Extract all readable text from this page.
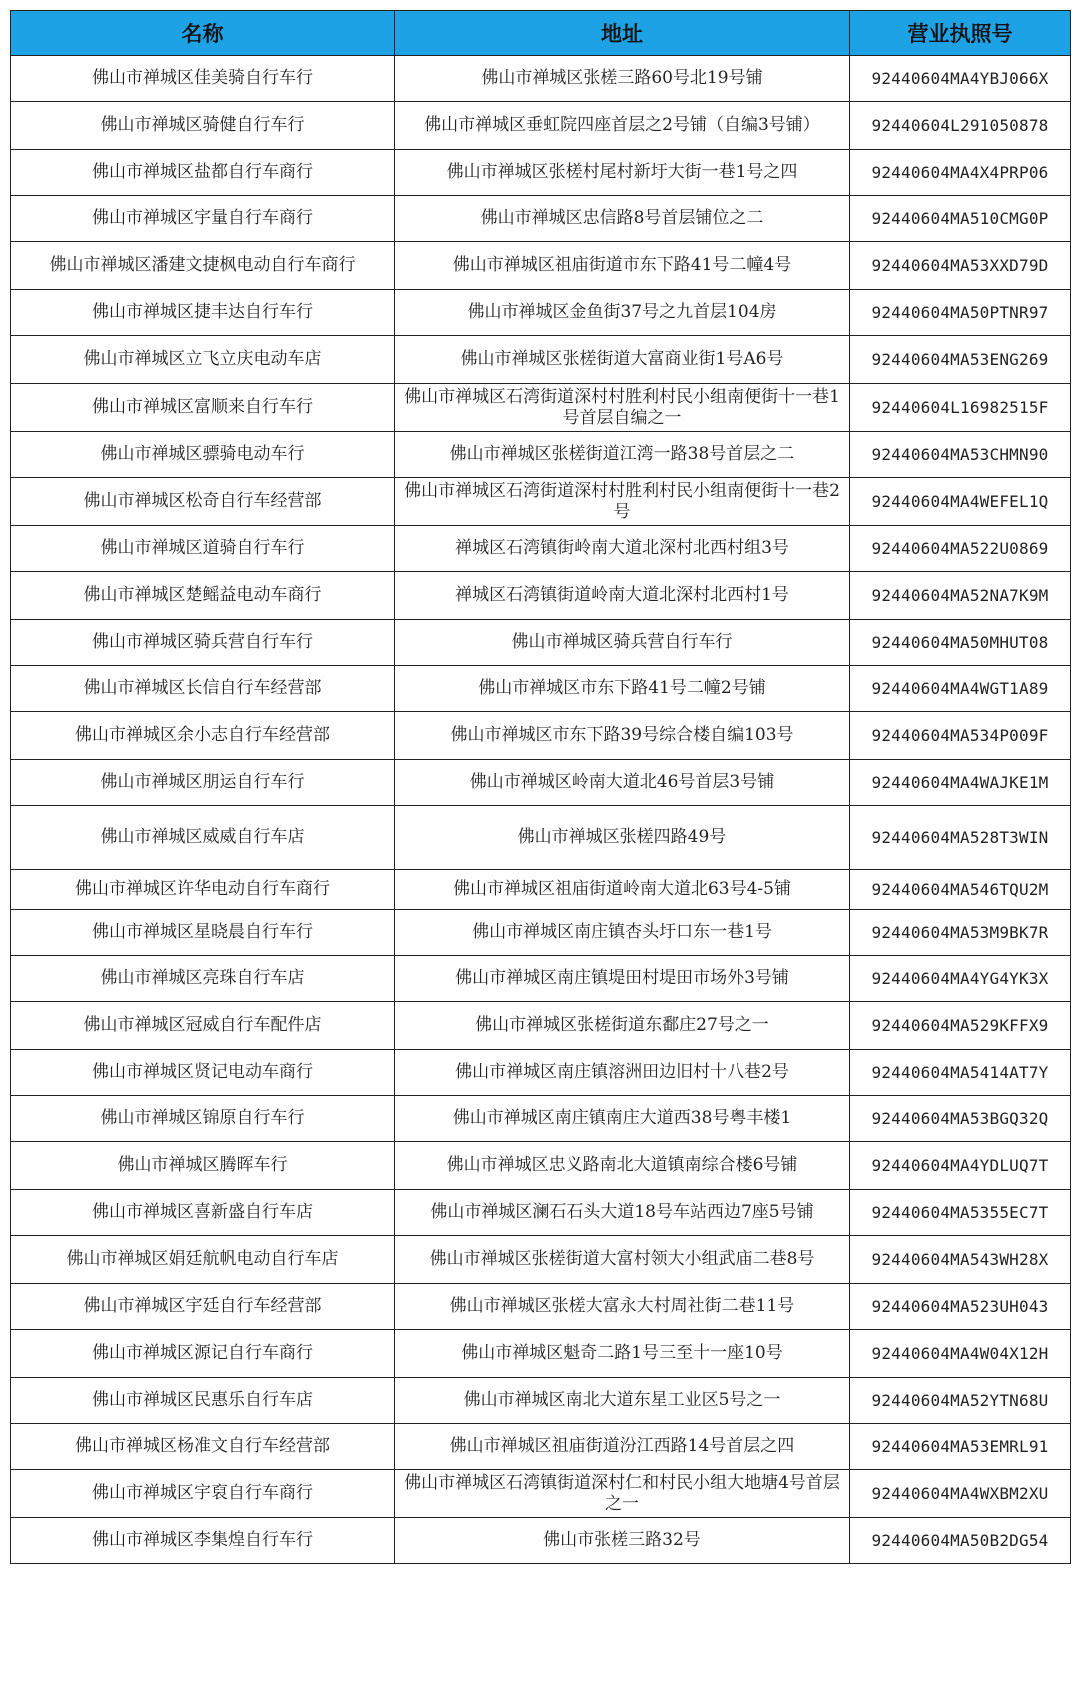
名称	地址	营业执照号
佛山市禅城区佳美骑自行车行	佛山市禅城区张槎三路60号北19号铺	92440604MA4YBJ066X
佛山市禅城区骑健自行车行	佛山市禅城区垂虹院四座首层之2号铺（自编3号铺）	92440604L291050878
佛山市禅城区盐都自行车商行	佛山市禅城区张槎村尾村新圩大街一巷1号之四	92440604MA4X4PRP06
佛山市禅城区宇量自行车商行	佛山市禅城区忠信路8号首层铺位之二	92440604MA510CMG0P
佛山市禅城区潘建文捷枫电动自行车商行	佛山市禅城区祖庙街道市东下路41号二幢4号	92440604MA53XXD79D
佛山市禅城区捷丰达自行车行	佛山市禅城区金鱼街37号之九首层104房	92440604MA50PTNR97
佛山市禅城区立飞立庆电动车店	佛山市禅城区张槎街道大富商业街1号A6号	92440604MA53ENG269
佛山市禅城区富顺来自行车行	佛山市禅城区石湾街道深村村胜利村民小组南便街十一巷1号首层自编之一	92440604L16982515F
佛山市禅城区骠骑电动车行	佛山市禅城区张槎街道江湾一路38号首层之二	92440604MA53CHMN90
佛山市禅城区松奇自行车经营部	佛山市禅城区石湾街道深村村胜利村民小组南便街十一巷2号	92440604MA4WEFEL1Q
佛山市禅城区道骑自行车行	禅城区石湾镇街岭南大道北深村北西村组3号	92440604MA522U0869
佛山市禅城区楚鳐益电动车商行	禅城区石湾镇街道岭南大道北深村北西村1号	92440604MA52NA7K9M
佛山市禅城区骑兵营自行车行	佛山市禅城区骑兵营自行车行	92440604MA50MHUT08
佛山市禅城区长信自行车经营部	佛山市禅城区市东下路41号二幢2号铺	92440604MA4WGT1A89
佛山市禅城区余小志自行车经营部	佛山市禅城区市东下路39号综合楼自编103号	92440604MA534P009F
佛山市禅城区朋运自行车行	佛山市禅城区岭南大道北46号首层3号铺	92440604MA4WAJKE1M
佛山市禅城区威威自行车店	佛山市禅城区张槎四路49号	92440604MA528T3WIN
佛山市禅城区许华电动自行车商行	佛山市禅城区祖庙街道岭南大道北63号4-5铺	92440604MA546TQU2M
佛山市禅城区星晓晨自行车行	佛山市禅城区南庄镇杏头圩口东一巷1号	92440604MA53M9BK7R
佛山市禅城区亮珠自行车店	佛山市禅城区南庄镇堤田村堤田市场外3号铺	92440604MA4YG4YK3X
佛山市禅城区冠威自行车配件店	佛山市禅城区张槎街道东鄱庄27号之一	92440604MA529KFFX9
佛山市禅城区贤记电动车商行	佛山市禅城区南庄镇溶洲田边旧村十八巷2号	92440604MA5414AT7Y
佛山市禅城区锦原自行车行	佛山市禅城区南庄镇南庄大道西38号粤丰楼1	92440604MA53BGQ32Q
佛山市禅城区腾晖车行	佛山市禅城区忠义路南北大道镇南综合楼6号铺	92440604MA4YDLUQ7T
佛山市禅城区喜新盛自行车店	佛山市禅城区澜石石头大道18号车站西边7座5号铺	92440604MA5355EC7T
佛山市禅城区娟廷航帆电动自行车店	佛山市禅城区张槎街道大富村领大小组武庙二巷8号	92440604MA543WH28X
佛山市禅城区宇廷自行车经营部	佛山市禅城区张槎大富永大村周社街二巷11号	92440604MA523UH043
佛山市禅城区源记自行车商行	佛山市禅城区魁奇二路1号三至十一座10号	92440604MA4W04X12H
佛山市禅城区民惠乐自行车店	佛山市禅城区南北大道东星工业区5号之一	92440604MA52YTN68U
佛山市禅城区杨准文自行车经营部	佛山市禅城区祖庙街道汾江西路14号首层之四	92440604MA53EMRL91
佛山市禅城区宇裒自行车商行	佛山市禅城区石湾镇街道深村仁和村民小组大地塘4号首层之一	92440604MA4WXBM2XU
佛山市禅城区李集煌自行车行	佛山市张槎三路32号	92440604MA50B2DG54
